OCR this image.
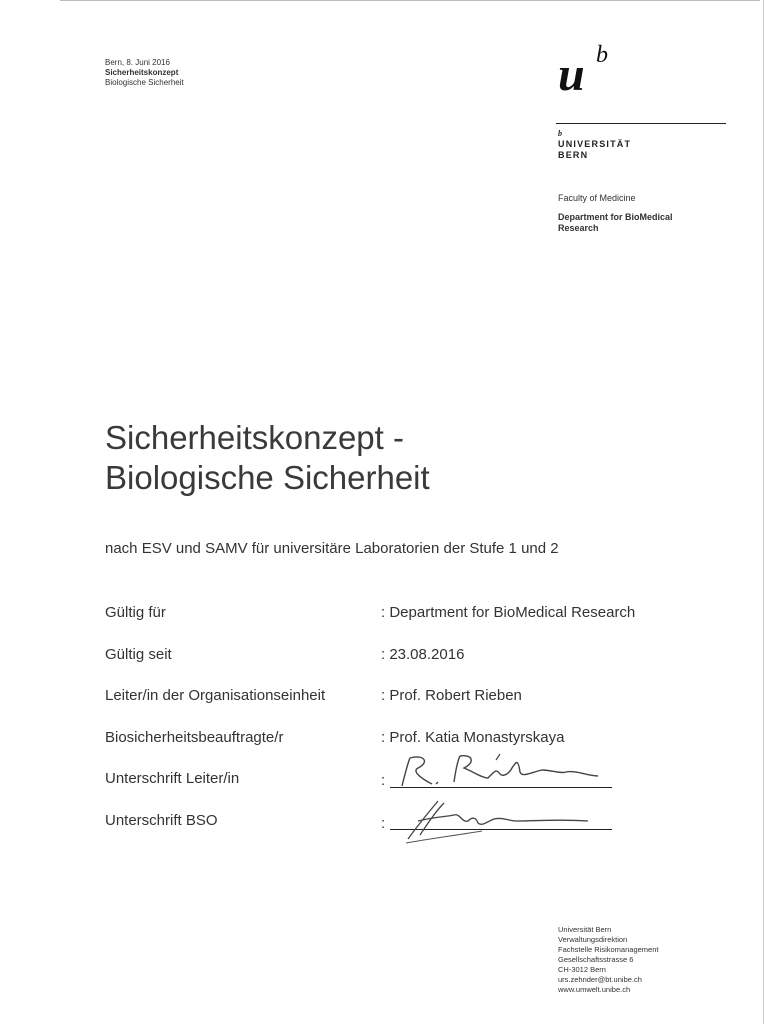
Bern, 8. Juni 2016
Sicherheitskonzept
Biologische Sicherheit	u b
b
UNIVERSITÄT
BERN
Faculty of Medicine
Department for BioMedical
Research
Sicherheitskonzept -
Biologische Sicherheit
nach ESV und SAMV für universitäre Laboratorien der Stufe 1 und 2
Gültig für	: Department for BioMedical Research
Gültig seit	: 23.08.2016
Leiter/in der Organisationseinheit	: Prof. Robert Rieben
Biosicherheitsbeauftragte/r	: Prof. Katia Monastyrskaya
Unterschrift Leiter/in	:
Unterschrift BSO	:
Universität Bern
Verwaltungsdirektion
Fachstelle Risikomanagement
Gesellschaftsstrasse 6
CH-3012 Bern
urs.zehnder@bt.unibe.ch
www.umwelt.unibe.ch
